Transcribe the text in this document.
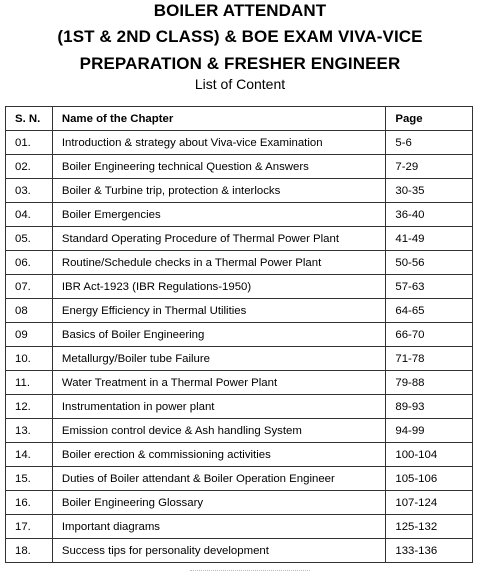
BOILER ATTENDANT
(1ST & 2ND CLASS) & BOE EXAM VIVA-VICE
PREPARATION & FRESHER ENGINEER
List of Content
S. N.	Name of the Chapter	Page
01.	Introduction & strategy about Viva-vice Examination	5-6
02.	Boiler Engineering technical Question & Answers	7-29
03.	Boiler & Turbine trip, protection & interlocks	30-35
04.	Boiler Emergencies	36-40
05.	Standard Operating Procedure of Thermal Power Plant	41-49
06.	Routine/Schedule checks in a Thermal Power Plant	50-56
07.	IBR Act-1923 (IBR Regulations-1950)	57-63
08	Energy Efficiency in Thermal Utilities	64-65
09	Basics of Boiler Engineering	66-70
10.	Metallurgy/Boiler tube Failure	71-78
11.	Water Treatment in a Thermal Power Plant	79-88
12.	Instrumentation in power plant	89-93
13.	Emission control device & Ash handling System	94-99
14.	Boiler erection & commissioning activities	100-104
15.	Duties of Boiler attendant & Boiler Operation Engineer	105-106
16.	Boiler Engineering Glossary	107-124
17.	Important diagrams	125-132
18.	Success tips for personality development	133-136
